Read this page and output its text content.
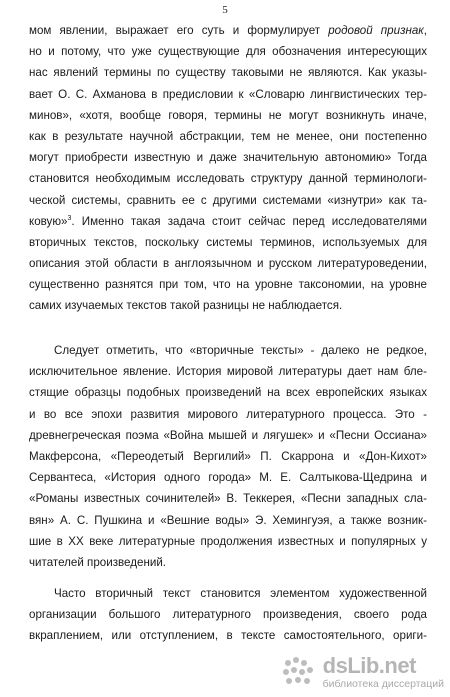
5
мом явлении, выражает его суть и формулирует родовой признак,
но и потому, что уже существующие для обозначения интересующих
нас явлений термины по существу таковыми не являются. Как указы-
вает О. С. Ахманова в предисловии к «Словарю лингвистических тер-
минов», «хотя, вообще говоря, термины не могут возникнуть иначе,
как в результате научной абстракции, тем не менее, они постепенно
могут приобрести известную и даже значительную автономию» Тогда
становится необходимым исследовать структуру данной терминологи-
ческой системы, сравнить ее с другими системами «изнутри» как та-
ковую»$^3$. Именно такая задача стоит сейчас перед исследователями
вторичных текстов, поскольку системы терминов, используемых для
описания этой области в англоязычном и русском литературоведении,
существенно разнятся при том, что на уровне таксономии, на уровне
самих изучаемых текстов такой разницы не наблюдается.
Следует отметить, что «вторичные тексты» - далеко не редкое,
исключительное явление. История мировой литературы дает нам бле-
стящие образцы подобных произведений на всех европейских языках
и во все эпохи развития мирового литературного процесса. Это -
древнегреческая поэма «Война мышей и лягушек» и «Песни Оссиана»
Макферсона, «Переодетый Вергилий» П. Скаррона и «Дон-Кихот»
Сервантеса, «История одного города» М. Е. Салтыкова-Щедрина и
«Романы известных сочинителей» В. Теккерея, «Песни западных сла-
вян» А. С. Пушкина и «Вешние воды» Э. Хемингуэя, а также возник-
шие в XX веке литературные продолжения известных и популярных у
читателей произведений.
Часто вторичный текст становится элементом художественной
организации большого литературного произведения, своего рода
вкраплением, или отступлением, в тексте самостоятельного, ориги-
dsLib.net
библиотека диссертаций
